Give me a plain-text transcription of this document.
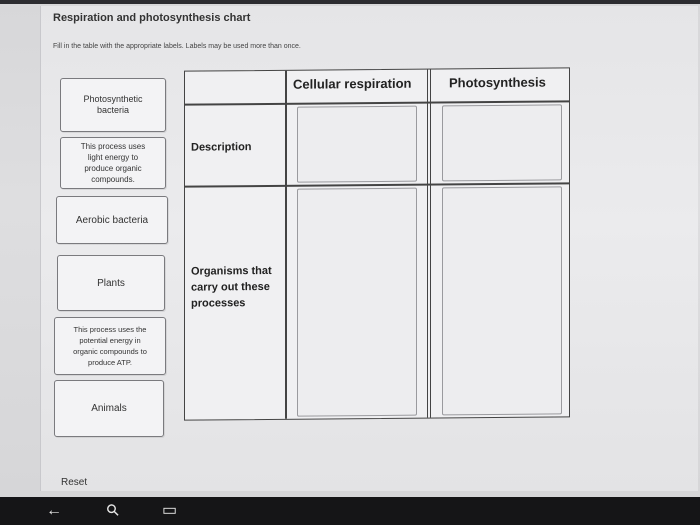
Respiration and photosynthesis chart
Fill in the table with the appropriate labels. Labels may be used more than once.
Photosynthetic
bacteria
This process uses
light energy to
produce organic
compounds.
Aerobic bacteria
Plants
This process uses the
potential energy in
organic compounds to
produce ATP.
Animals
Cellular respiration	Photosynthesis
Description
Organisms that
carry out these
processes
Reset
←	⚲ ▭
